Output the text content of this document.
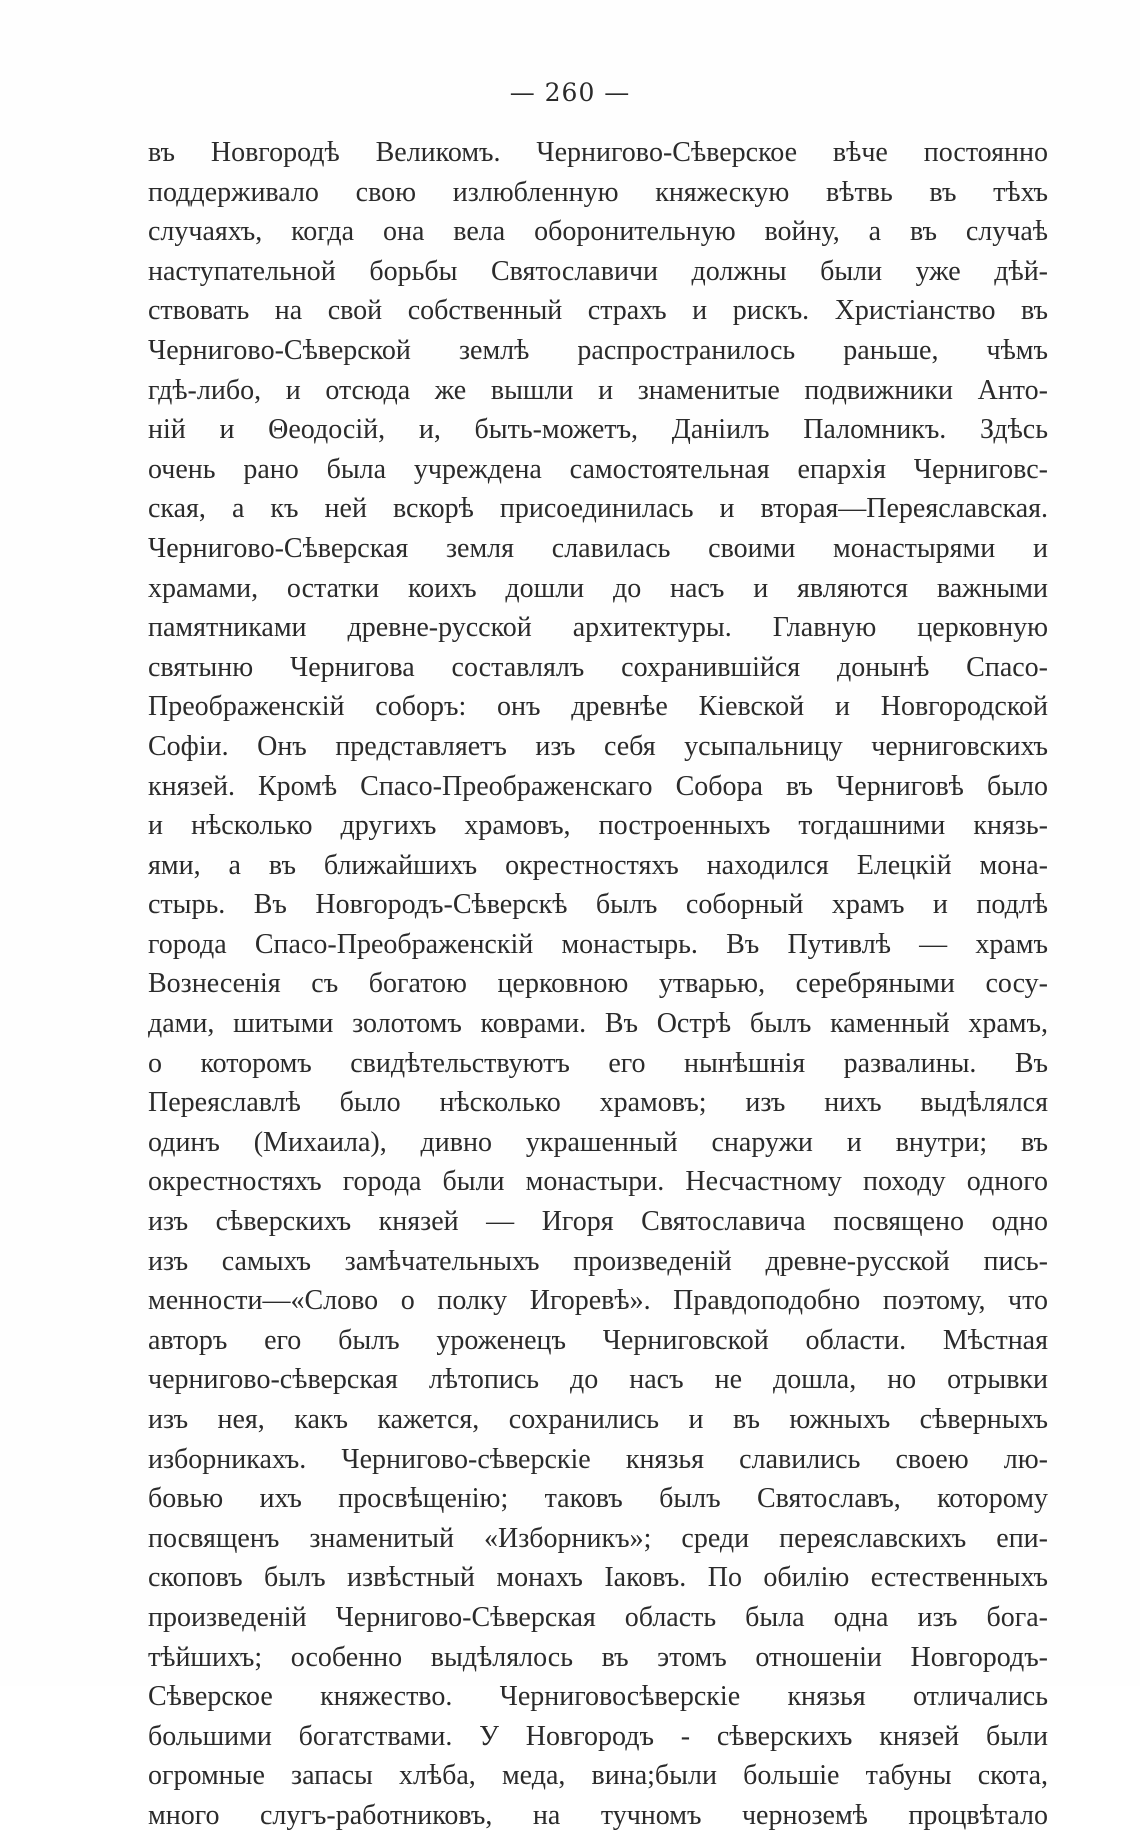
— 260 —
въ Новгородѣ Великомъ. Черниговo-Сѣверское вѣче постоянно
поддерживало свою излюбленную княжескую вѣтвь въ тѣхъ
случаяхъ, когда она вела оборонительную войну, а въ случаѣ
наступательной борьбы Святославичи должны были уже дѣй-
ствовать на свой собственный страхъ и рискъ. Христіанство въ
Черниговo-Сѣверской землѣ распространилось раньше, чѣмъ
гдѣ-либо, и отсюда же вышли и знаменитые подвижники Анто-
ній и Θеодосій, и, быть-можетъ, Даніилъ Паломникъ. Здѣсь
очень рано была учреждена самостоятельная епархія Черниговс-
ская, а къ ней вскорѣ присоединилась и вторая—Переяславская.
Черниговo-Сѣверская земля славилась своими монастырями и
храмами, остатки коихъ дошли до насъ и являются важными
памятниками древне-русской архитектуры. Главную церковную
святыню Чернигова составлялъ сохранившійся донынѣ Спасо-
Преображенскій соборъ: онъ древнѣе Кіевской и Новгородской
Софіи. Онъ представляетъ изъ себя усыпальницу черниговскихъ
князей. Кромѣ Спасо-Преображенскаго Собора въ Черниговѣ было
и нѣсколько другихъ храмовъ, построенныхъ тогдашними князь-
ями, а въ ближайшихъ окрестностяхъ находился Елецкій мона-
стырь. Въ Новгородъ-Сѣверскѣ былъ соборный храмъ и подлѣ
города Спасо-Преображенскій монастырь. Въ Путивлѣ — храмъ
Вознесенія съ богатою церковною утварью, серебряными сосу-
дами, шитыми золотомъ коврами. Въ Острѣ былъ каменный храмъ,
о которомъ свидѣтельствуютъ его нынѣшнія развалины. Въ
Переяславлѣ было нѣсколько храмовъ; изъ нихъ выдѣлялся
одинъ (Михаила), дивно украшенный снаружи и внутри; въ
окрестностяхъ города были монастыри. Несчастному походу одного
изъ сѣверскихъ князей — Игоря Святославича посвящено одно
изъ самыхъ замѣчательныхъ произведеній древне-русской пись-
менности—«Слово о полку Игоревѣ». Правдоподобно поэтому, что
авторъ его былъ уроженецъ Черниговской области. Мѣстная
черниговo-сѣверская лѣтопись до насъ не дошла, но отрывки
изъ нея, какъ кажется, сохранились и въ южныхъ сѣверныхъ
изборникахъ. Черниговo-сѣверскіе князья славились своею лю-
бовью ихъ просвѣщенію; таковъ былъ Святославъ, которому
посвященъ знаменитый «Изборникъ»; среди переяславскихъ епи-
скоповъ былъ извѣстный монахъ Іаковъ. По обилію естественныхъ
произведеній Черниговo-Сѣверская область была одна изъ бога-
тѣйшихъ; особенно выдѣлялось въ этомъ отношеніи Новгородъ-
Сѣверское княжество. Черниговосѣверскіе князья отличались
большими богатствами. У Новгородъ - сѣверскихъ князей были
огромные запасы хлѣба, меда, вина;были большіе табуны скота,
много слугъ-работниковъ, на тучномъ черноземѣ процвѣтало
